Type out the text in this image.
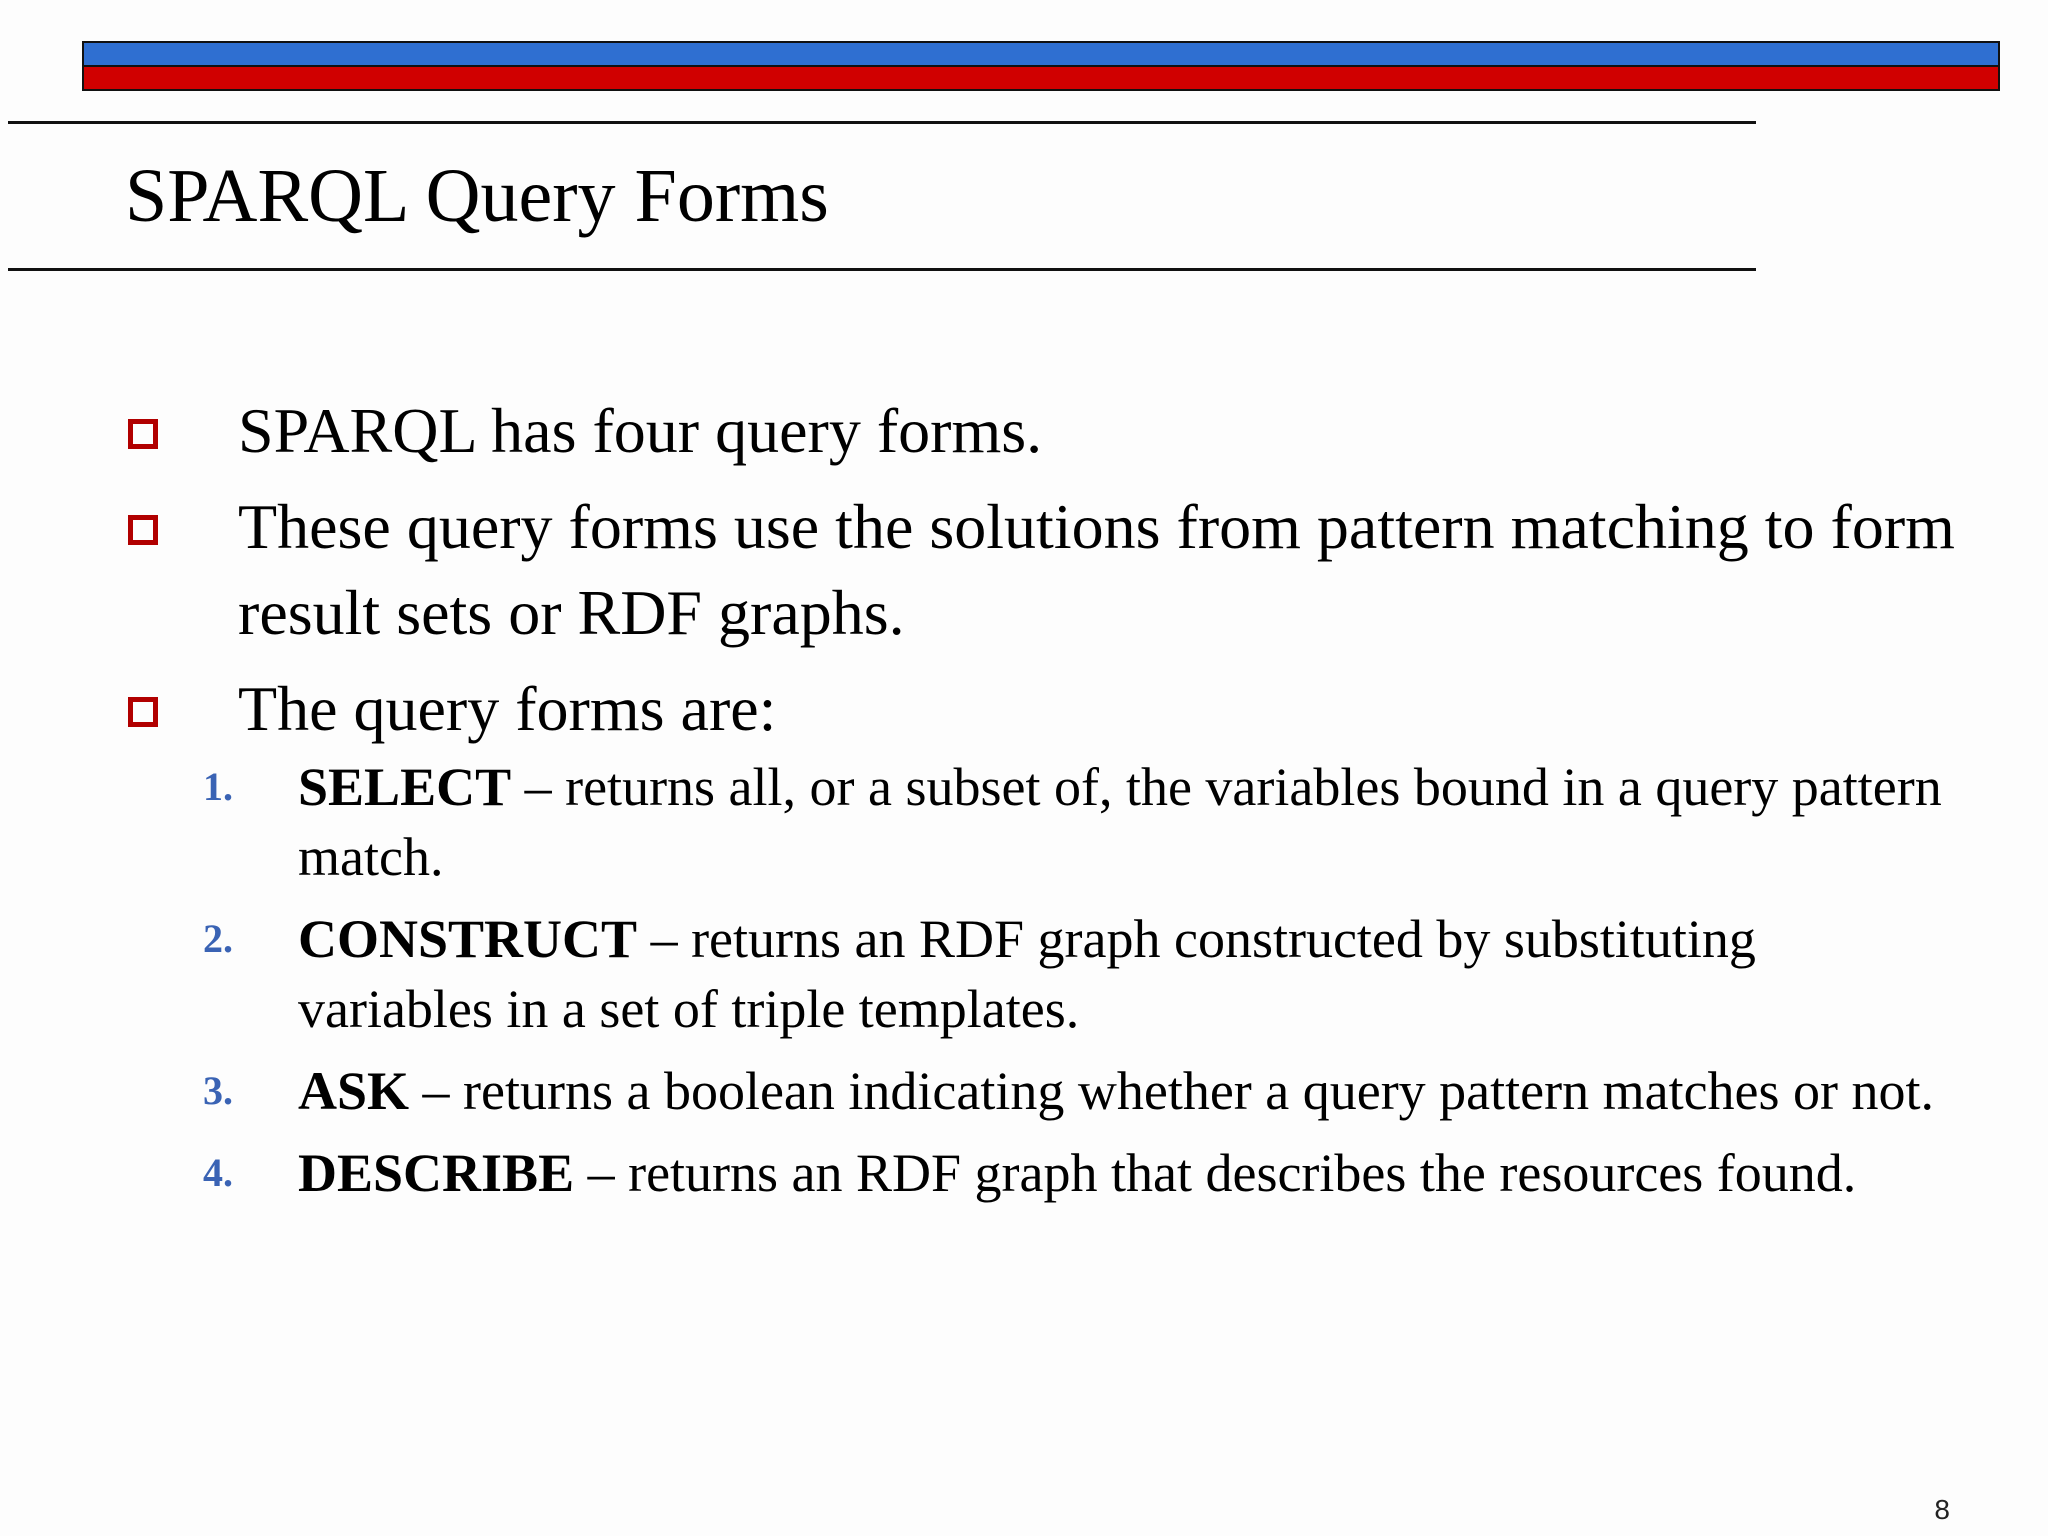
SPARQL Query Forms
SPARQL has four query forms.
These query forms use the solutions from pattern matching to form result sets or RDF graphs.
The query forms are:
1. SELECT – returns all, or a subset of, the variables bound in a query pattern match.
2. CONSTRUCT – returns an RDF graph constructed by substituting variables in a set of triple templates.
3. ASK – returns a boolean indicating whether a query pattern matches or not.
4. DESCRIBE – returns an RDF graph that describes the resources found.
8
